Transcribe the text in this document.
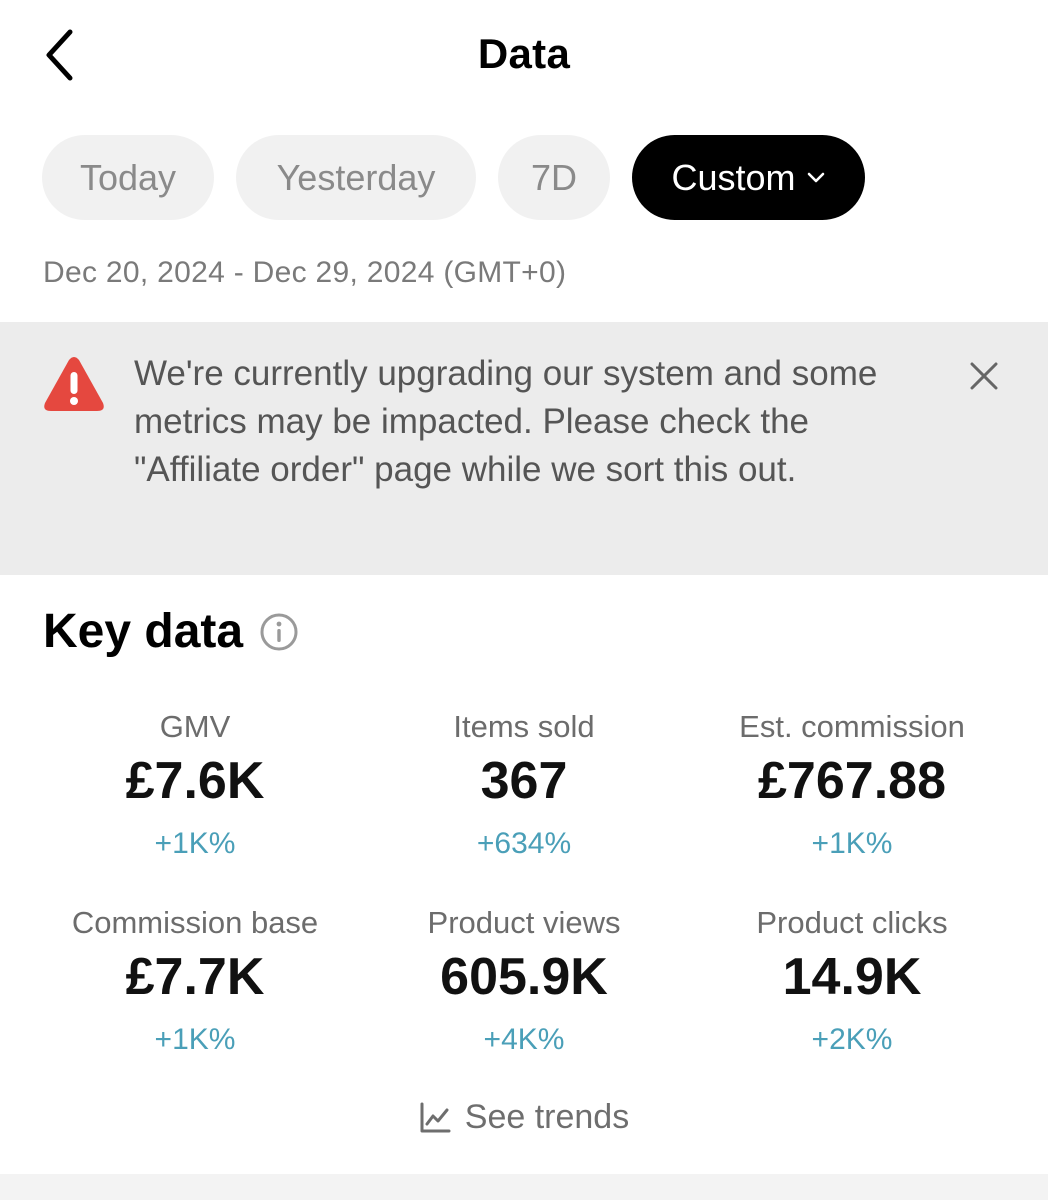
Data
Today	Yesterday	7D	Custom
Dec 20, 2024 - Dec 29, 2024 (GMT+0)
We're currently upgrading our system and some metrics may be impacted. Please check the "Affiliate order" page while we sort this out.
Key data
GMV
£7.6K
+1K%
Items sold
367
+634%
Est. commission
£767.88
+1K%
Commission base
£7.7K
+1K%
Product views
605.9K
+4K%
Product clicks
14.9K
+2K%
See trends
